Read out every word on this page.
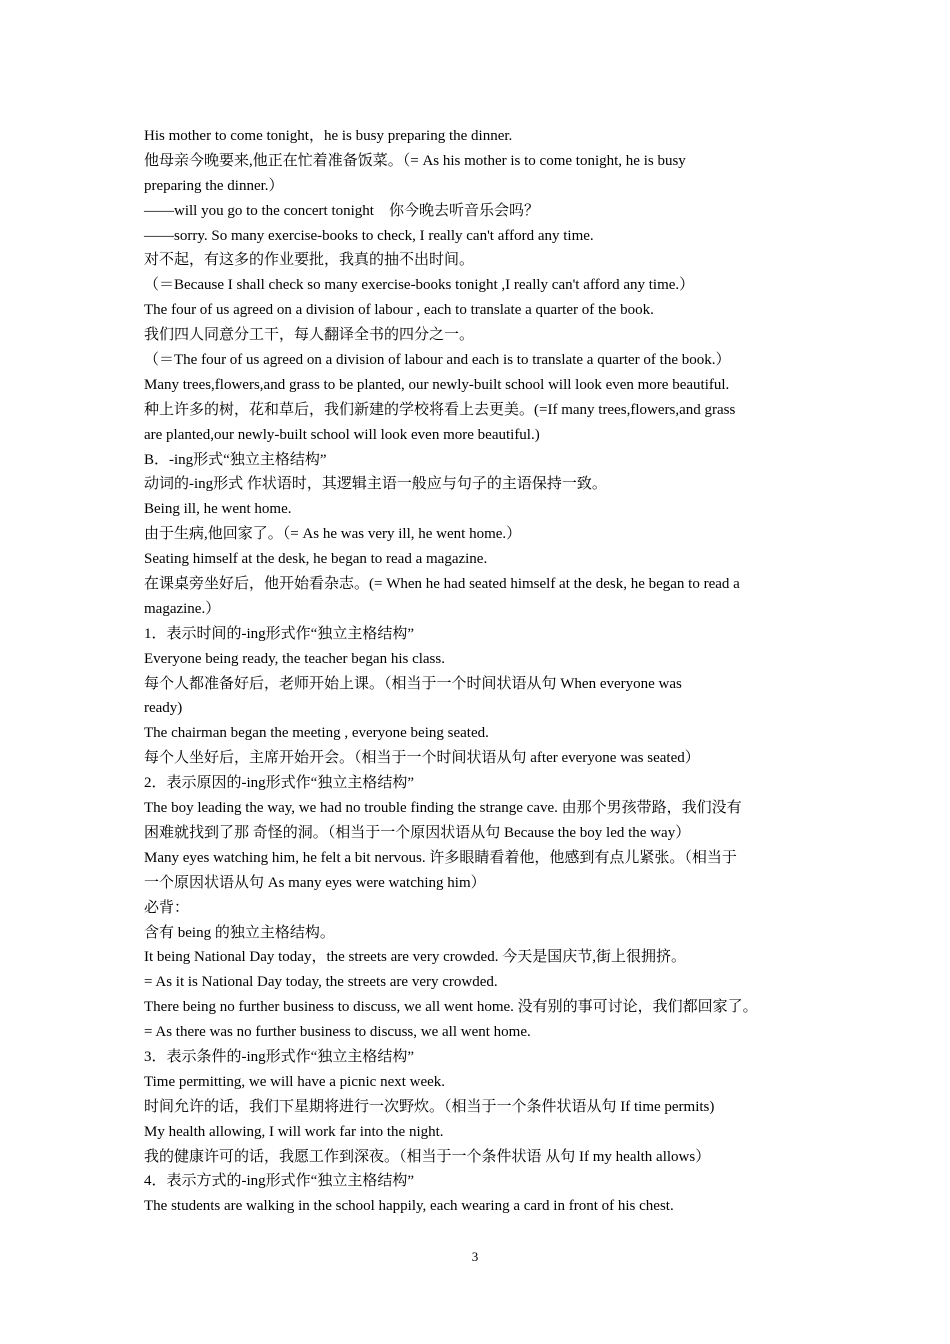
His mother to come tonight，he is busy preparing the dinner.
他母亲今晚要来,他正在忙着准备饭菜。（= As his mother is to come tonight, he is busy
preparing the dinner.）
——will you go to the concert tonight　你今晚去听音乐会吗？
——sorry. So many exercise-books to check, I really can't afford any time.
对不起，有这多的作业要批，我真的抽不出时间。
（＝Because I shall check so many exercise-books tonight ,I really can't afford any time.）
The four of us agreed on a division of labour , each to translate a quarter of the book.
我们四人同意分工干，每人翻译全书的四分之一。
（＝The four of us agreed on a division of labour and each is to translate a quarter of the book.）
Many trees,flowers,and grass to be planted, our newly-built school will look even more beautiful.
种上许多的树，花和草后，我们新建的学校将看上去更美。(=If many trees,flowers,and grass
are planted,our newly-built school will look even more beautiful.)
B．-ing形式“独立主格结构”
动词的-ing形式 作状语时，其逻辑主语一般应与句子的主语保持一致。
Being ill, he went home.
由于生病,他回家了。（= As he was very ill, he went home.）
Seating himself at the desk, he began to read a magazine.
在课桌旁坐好后，他开始看杂志。(= When he had seated himself at the desk, he began to read a
magazine.）
1．表示时间的-ing形式作“独立主格结构”
Everyone being ready, the teacher began his class.
每个人都准备好后，老师开始上课。（相当于一个时间状语从句 When everyone was
ready)
The chairman began the meeting , everyone being seated.
每个人坐好后，主席开始开会。（相当于一个时间状语从句 after everyone was seated）
2．表示原因的-ing形式作“独立主格结构”
The boy leading the way, we had no trouble finding the strange cave. 由那个男孩带路，我们没有
困难就找到了那 奇怪的洞。（相当于一个原因状语从句 Because the boy led the way）
Many eyes watching him, he felt a bit nervous. 许多眼睛看着他，他感到有点儿紧张。（相当于
一个原因状语从句 As many eyes were watching him）
必背：
含有 being 的独立主格结构。
It being National Day today，the streets are very crowded. 今天是国庆节,街上很拥挤。
= As it is National Day today, the streets are very crowded.
There being no further business to discuss, we all went home. 没有别的事可讨论，我们都回家了。
= As there was no further business to discuss, we all went home.
3．表示条件的-ing形式作“独立主格结构”
Time permitting, we will have a picnic next week.
时间允许的话，我们下星期将进行一次野炊。（相当于一个条件状语从句 If time permits)
My health allowing, I will work far into the night.
我的健康许可的话，我愿工作到深夜。（相当于一个条件状语 从句 If my health allows）
4．表示方式的-ing形式作“独立主格结构”
The students are walking in the school happily, each wearing a card in front of his chest.
3
